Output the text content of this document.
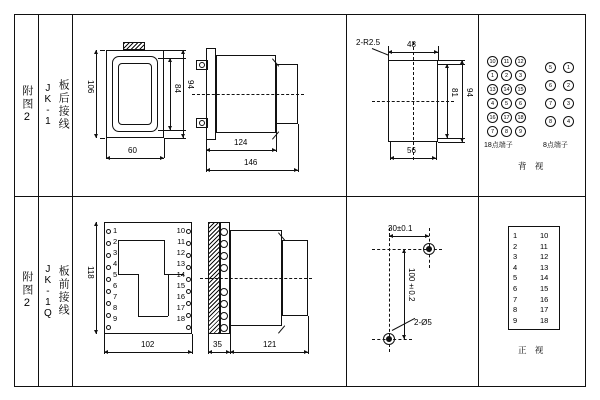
附图2 JK-1 板后接线 106	84 94
60
124
146
2-R2.5	48
81 94
56
10	11	12
1	2	3
13	14	15
4	5	6
16	17	18
7	8	9
18点端子
5	1
6	2
7	3
8	4
8点端子
背 视
附图2 JK-1Q 板前接线
1
2
3
4
5
6
7
8
9
10
11
12
13
14
15
16
17
18
118
102	35	121
30±0.1
100±0.2
2-Ø5
1
2
3
4
5
6
7
8
9
10
11
12
13
14
15
16
17
18
正 视
